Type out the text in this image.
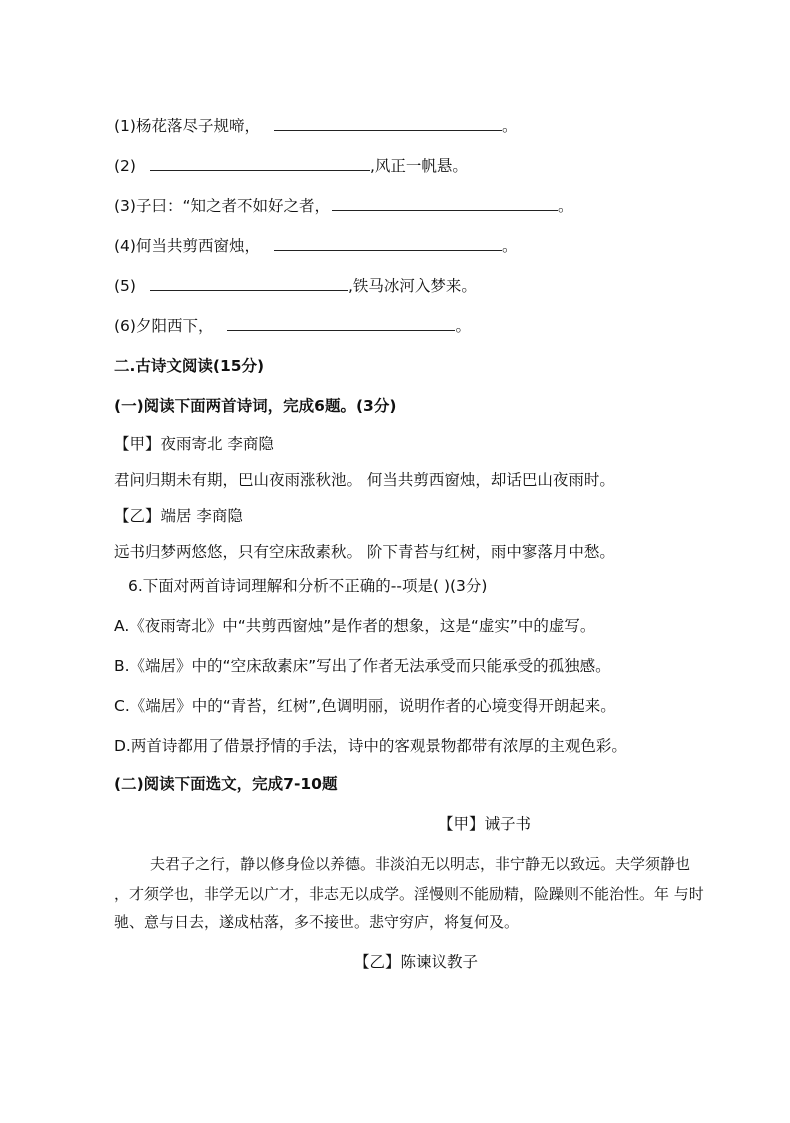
(1)杨花落尽子规啼，	。
(2)	,风正一帆悬。
(3)子曰：“知之者不如好之者，	。
(4)何当共剪西窗烛，	。
(5)	,铁马冰河入梦来。
(6)夕阳西下，	。
二.古诗文阅读(15分)
(一)阅读下面两首诗词，完成6题。(3分)
【甲】夜雨寄北 李商隐
君问归期未有期，巴山夜雨涨秋池。 何当共剪西窗烛，却话巴山夜雨时。
【乙】端居 李商隐
远书归梦两悠悠，只有空床敌素秋。 阶下青苔与红树，雨中寥落月中愁。
6.下面对两首诗词理解和分析不正确的--项是( )(3分)
A.《夜雨寄北》中“共剪西窗烛”是作者的想象，这是“虚实”中的虚写。
B.《端居》中的“空床敌素床”写出了作者无法承受而只能承受的孤独感。
C.《端居》中的“青苔，红树”,色调明丽，说明作者的心境变得开朗起来。
D.两首诗都用了借景抒情的手法，诗中的客观景物都带有浓厚的主观色彩。
(二)阅读下面选文，完成7-10题
【甲】诫子书
夫君子之行，静以修身俭以养德。非淡泊无以明志，非宁静无以致远。夫学须静也
，才须学也，非学无以广才，非志无以成学。淫慢则不能励精，险躁则不能治性。年 与时
驰、意与日去，遂成枯落，多不接世。悲守穷庐，将复何及。
【乙】陈谏议教子
